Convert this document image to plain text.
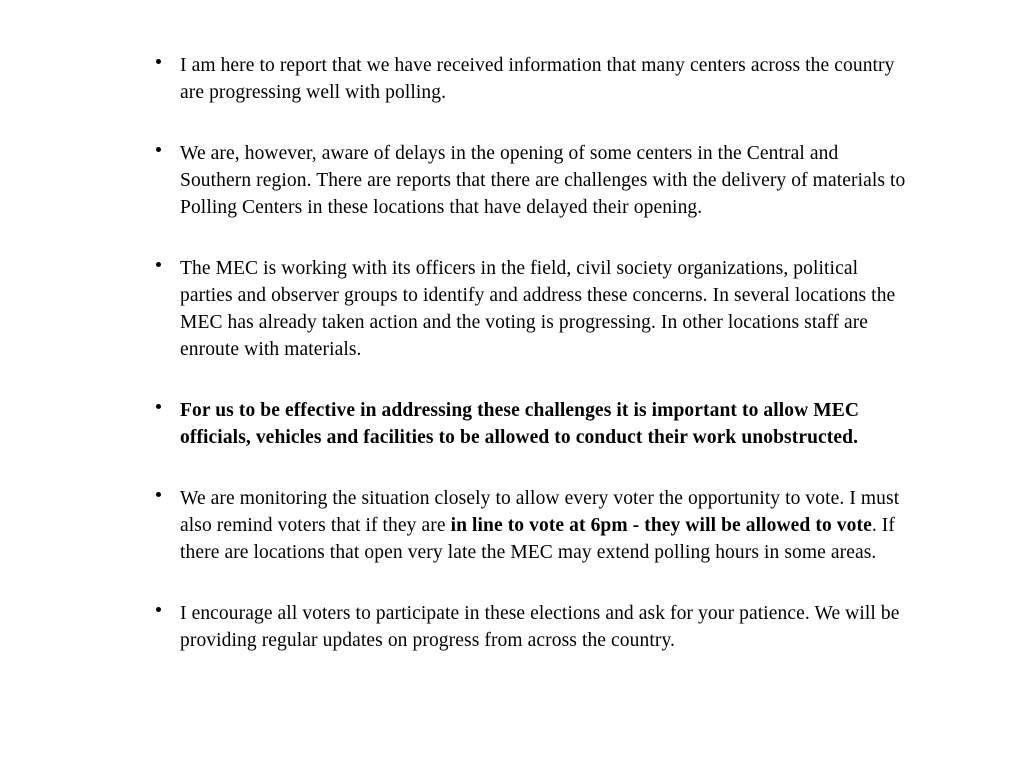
I am here to report that we have received information that many centers across the country are progressing well with polling.
We are, however, aware of delays in the opening of some centers in the Central and Southern region. There are reports that there are challenges with the delivery of materials to Polling Centers in these locations that have delayed their opening.
The MEC is working with its officers in the field, civil society organizations, political parties and observer groups to identify and address these concerns. In several locations the MEC has already taken action and the voting is progressing. In other locations staff are enroute with materials.
For us to be effective in addressing these challenges it is important to allow MEC officials, vehicles and facilities to be allowed to conduct their work unobstructed.
We are monitoring the situation closely to allow every voter the opportunity to vote. I must also remind voters that if they are in line to vote at 6pm - they will be allowed to vote. If there are locations that open very late the MEC may extend polling hours in some areas.
I encourage all voters to participate in these elections and ask for your patience. We will be providing regular updates on progress from across the country.
